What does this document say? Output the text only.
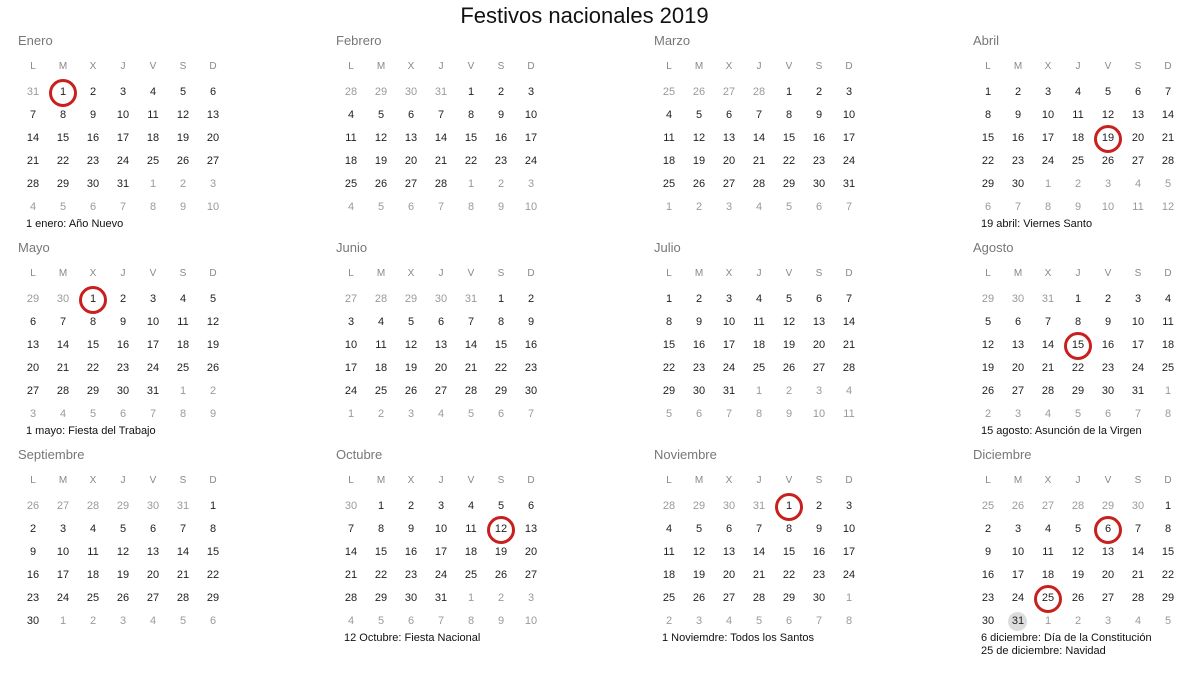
Festivos nacionales 2019
Enero
L	M	X	J	V	S	D
31	1	2	3	4	5	6
7	8	9	10	11	12	13
14	15	16	17	18	19	20
21	22	23	24	25	26	27
28	29	30	31	1	2	3
4	5	6	7	8	9	10
1 enero: Año Nuevo
Febrero
L	M	X	J	V	S	D
28	29	30	31	1	2	3
4	5	6	7	8	9	10
11	12	13	14	15	16	17
18	19	20	21	22	23	24
25	26	27	28	1	2	3
4	5	6	7	8	9	10
Marzo
L	M	X	J	V	S	D
25	26	27	28	1	2	3
4	5	6	7	8	9	10
11	12	13	14	15	16	17
18	19	20	21	22	23	24
25	26	27	28	29	30	31
1	2	3	4	5	6	7
Abril
L	M	X	J	V	S	D
1	2	3	4	5	6	7
8	9	10	11	12	13	14
15	16	17	18	19	20	21
22	23	24	25	26	27	28
29	30	1	2	3	4	5
6	7	8	9	10	11	12
19 abril: Viernes Santo
Mayo
L	M	X	J	V	S	D
29	30	1	2	3	4	5
6	7	8	9	10	11	12
13	14	15	16	17	18	19
20	21	22	23	24	25	26
27	28	29	30	31	1	2
3	4	5	6	7	8	9
1 mayo: Fiesta del Trabajo
Junio
L	M	X	J	V	S	D
27	28	29	30	31	1	2
3	4	5	6	7	8	9
10	11	12	13	14	15	16
17	18	19	20	21	22	23
24	25	26	27	28	29	30
1	2	3	4	5	6	7
Julio
L	M	X	J	V	S	D
1	2	3	4	5	6	7
8	9	10	11	12	13	14
15	16	17	18	19	20	21
22	23	24	25	26	27	28
29	30	31	1	2	3	4
5	6	7	8	9	10	11
Agosto
L	M	X	J	V	S	D
29	30	31	1	2	3	4
5	6	7	8	9	10	11
12	13	14	15	16	17	18
19	20	21	22	23	24	25
26	27	28	29	30	31	1
2	3	4	5	6	7	8
15 agosto: Asunción de la Virgen
Septiembre
L	M	X	J	V	S	D
26	27	28	29	30	31	1
2	3	4	5	6	7	8
9	10	11	12	13	14	15
16	17	18	19	20	21	22
23	24	25	26	27	28	29
30	1	2	3	4	5	6
Octubre
L	M	X	J	V	S	D
30	1	2	3	4	5	6
7	8	9	10	11	12	13
14	15	16	17	18	19	20
21	22	23	24	25	26	27
28	29	30	31	1	2	3
4	5	6	7	8	9	10
12 Octubre: Fiesta Nacional
Noviembre
L	M	X	J	V	S	D
28	29	30	31	1	2	3
4	5	6	7	8	9	10
11	12	13	14	15	16	17
18	19	20	21	22	23	24
25	26	27	28	29	30	1
2	3	4	5	6	7	8
1 Noviemdre: Todos los Santos
Diciembre
L	M	X	J	V	S	D
25	26	27	28	29	30	1
2	3	4	5	6	7	8
9	10	11	12	13	14	15
16	17	18	19	20	21	22
23	24	25	26	27	28	29
30	31	1	2	3	4	5
6 diciembre: Día de la Constitución
25 de diciembre: Navidad
